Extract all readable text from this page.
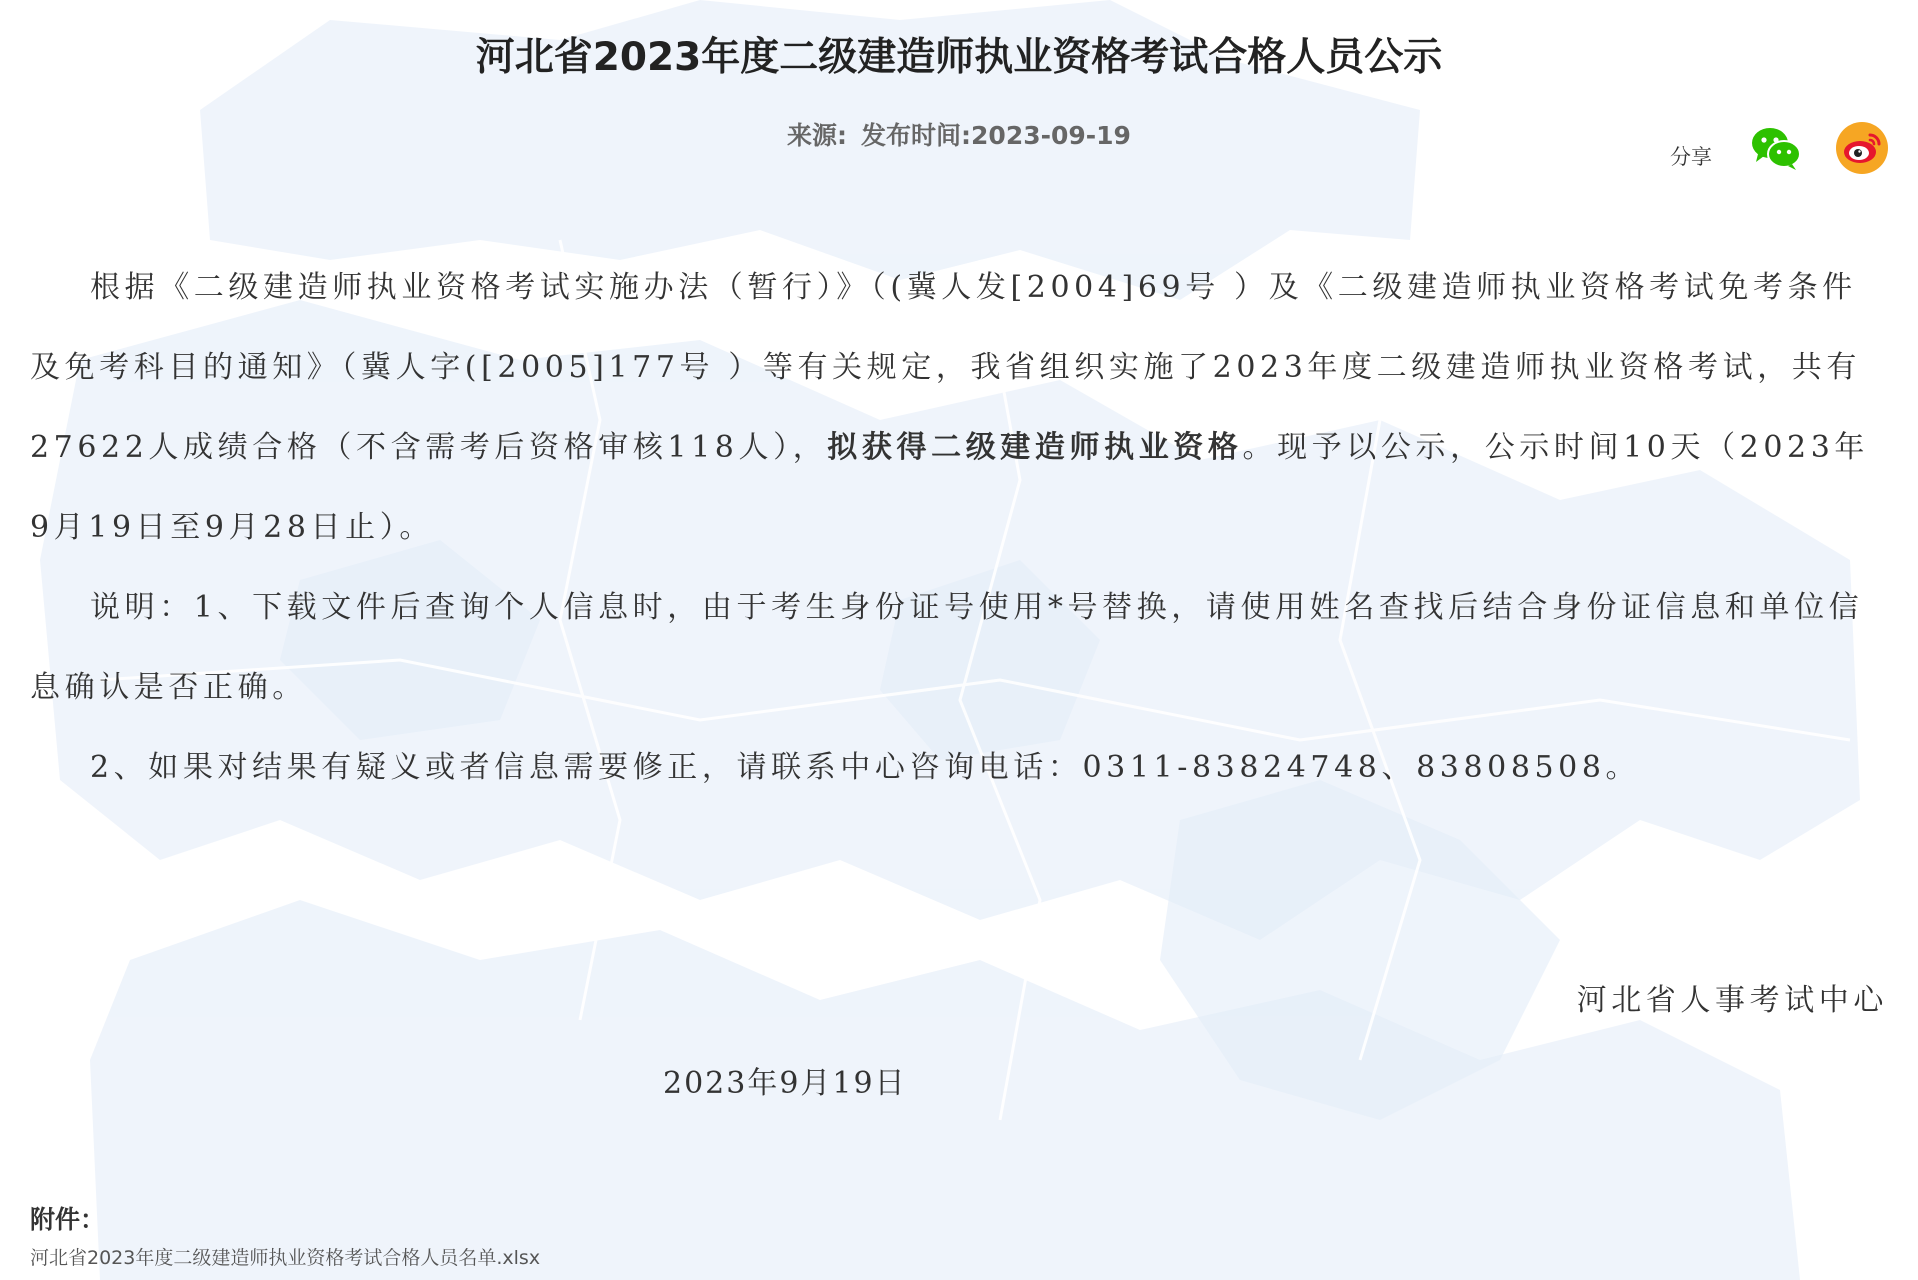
河北省2023年度二级建造师执业资格考试合格人员公示
来源: 发布时间:2023-09-19
分享

根据《二级建造师执业资格考试实施办法（暂行）》（(冀人发[2004]69号 ）及《二级建造师执业资格考试免考条件及免考科目的通知》（冀人字([2005]177号 ）等有关规定，我省组织实施了2023年度二级建造师执业资格考试，共有27622人成绩合格（不含需考后资格审核118人），拟获得二级建造师执业资格。现予以公示，公示时间10天（2023年9月19日至9月28日止）。

说明：1、下载文件后查询个人信息时，由于考生身份证号使用*号替换，请使用姓名查找后结合身份证信息和单位信息确认是否正确。

2、如果对结果有疑义或者信息需要修正，请联系中心咨询电话：0311-83824748、83808508。

河北省人事考试中心
2023年9月19日
附件：
河北省2023年度二级建造师执业资格考试合格人员名单.xlsx
